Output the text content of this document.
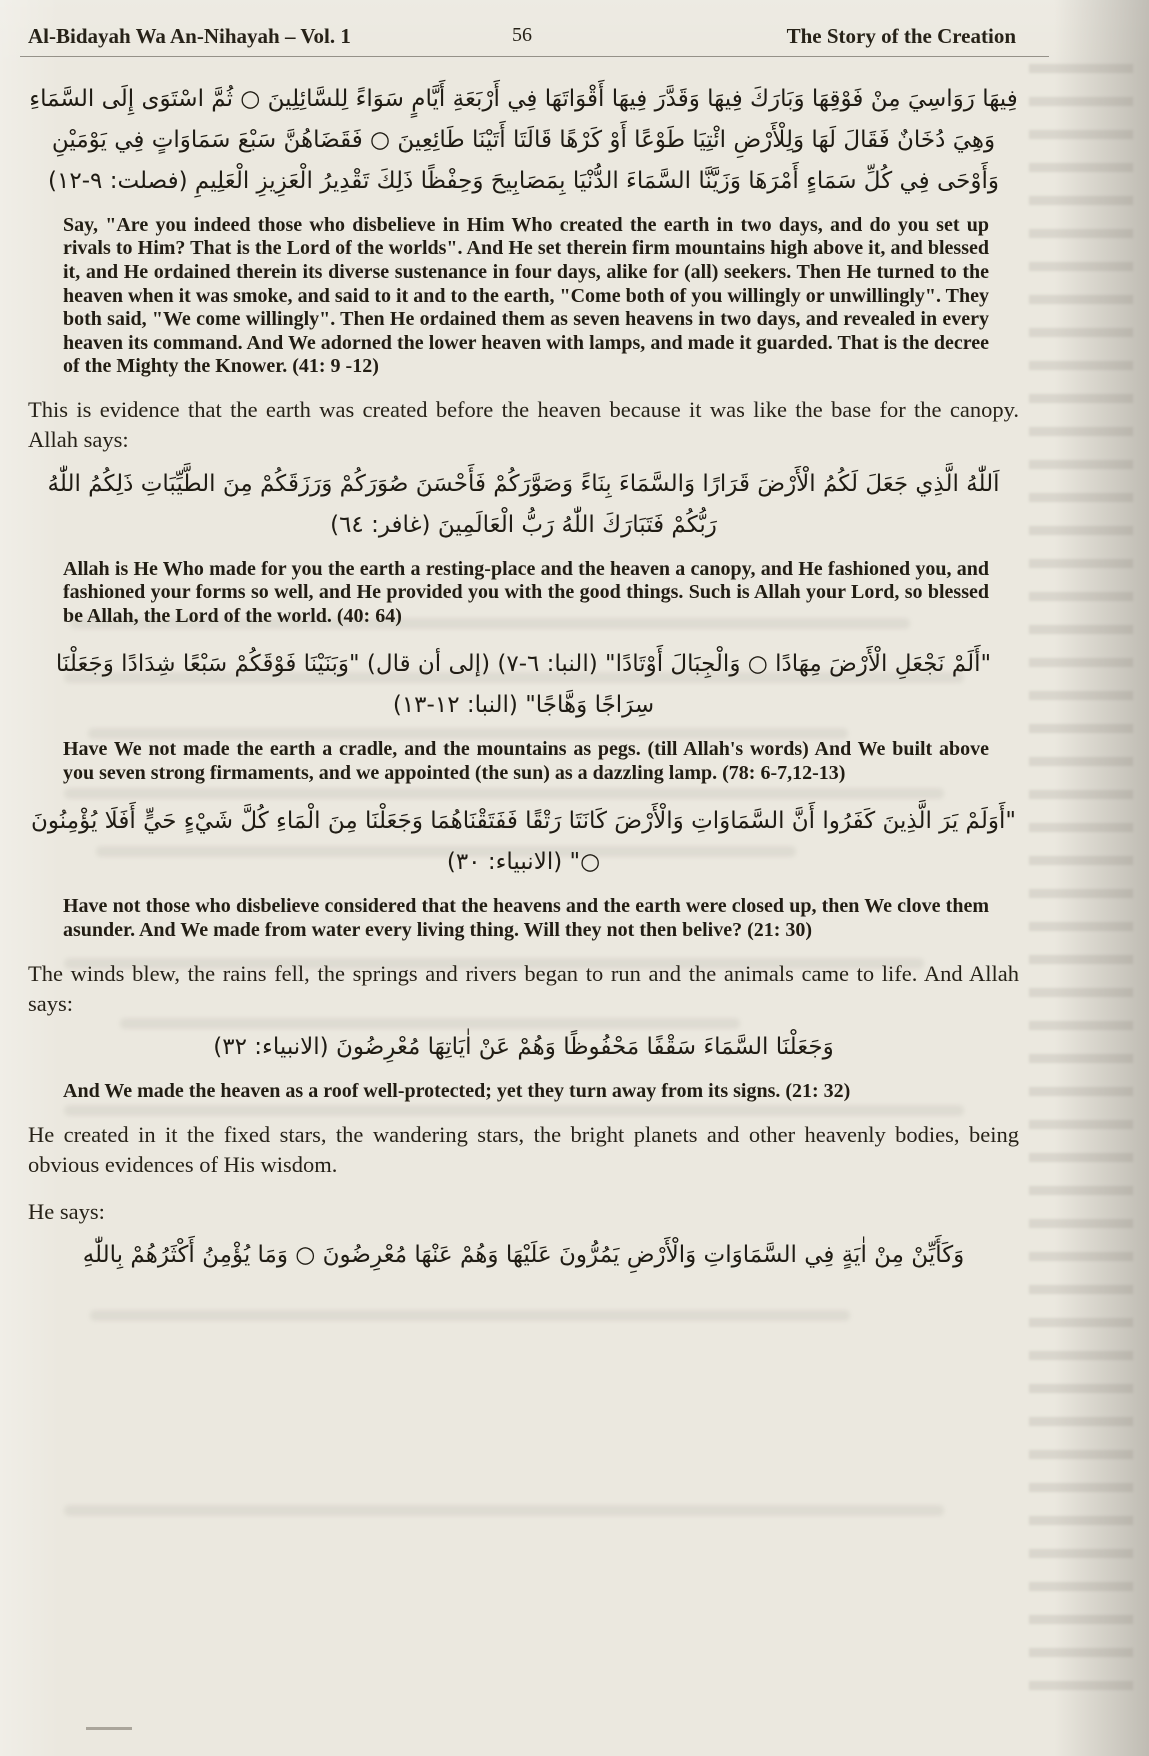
Al-Bidayah Wa An-Nihayah – Vol. 1	56	The Story of the Creation

فِيهَا رَوَاسِيَ مِنْ فَوْقِهَا وَبَارَكَ فِيهَا وَقَدَّرَ فِيهَا أَقْوَاتَهَا فِي أَرْبَعَةِ أَيَّامٍ سَوَاءً لِلسَّائِلِينَ ○ ثُمَّ اسْتَوَى إِلَى السَّمَاءِ وَهِيَ دُخَانٌ فَقَالَ لَهَا وَلِلْأَرْضِ ائْتِيَا طَوْعًا أَوْ كَرْهًا قَالَتَا أَتَيْنَا طَائِعِينَ ○ فَقَضَاهُنَّ سَبْعَ سَمَاوَاتٍ فِي يَوْمَيْنِ وَأَوْحَى فِي كُلِّ سَمَاءٍ أَمْرَهَا وَزَيَّنَّا السَّمَاءَ الدُّنْيَا بِمَصَابِيحَ وَحِفْظًا ذَلِكَ تَقْدِيرُ الْعَزِيزِ الْعَلِيمِ (فصلت: ٩-١٢)

Say, "Are you indeed those who disbelieve in Him Who created the earth in two days, and do you set up rivals to Him? That is the Lord of the worlds". And He set therein firm mountains high above it, and blessed it, and He ordained therein its diverse sustenance in four days, alike for (all) seekers. Then He turned to the heaven when it was smoke, and said to it and to the earth, "Come both of you willingly or unwillingly". They both said, "We come willingly". Then He ordained them as seven heavens in two days, and revealed in every heaven its command. And We adorned the lower heaven with lamps, and made it guarded. That is the decree of the Mighty the Knower. (41: 9 -12)

This is evidence that the earth was created before the heaven because it was like the base for the canopy. Allah says:

اَللّٰهُ الَّذِي جَعَلَ لَكُمُ الْأَرْضَ قَرَارًا وَالسَّمَاءَ بِنَاءً وَصَوَّرَكُمْ فَأَحْسَنَ صُوَرَكُمْ وَرَزَقَكُمْ مِنَ الطَّيِّبَاتِ ذَلِكُمُ اللّٰهُ رَبُّكُمْ فَتَبَارَكَ اللّٰهُ رَبُّ الْعَالَمِينَ (غافر: ٦٤)

Allah is He Who made for you the earth a resting-place and the heaven a canopy, and He fashioned you, and fashioned your forms so well, and He provided you with the good things. Such is Allah your Lord, so blessed be Allah, the Lord of the world. (40: 64)

"أَلَمْ نَجْعَلِ الْأَرْضَ مِهَادًا ○ وَالْجِبَالَ أَوْتَادًا" (النبا: ٦-٧) (إلى أن قال) "وَبَنَيْنَا فَوْقَكُمْ سَبْعًا شِدَادًا وَجَعَلْنَا سِرَاجًا وَهَّاجًا" (النبا: ١٢-١٣)

Have We not made the earth a cradle, and the mountains as pegs. (till Allah's words) And We built above you seven strong firmaments, and we appointed (the sun) as a dazzling lamp. (78: 6-7,12-13)

"أَوَلَمْ يَرَ الَّذِينَ كَفَرُوا أَنَّ السَّمَاوَاتِ وَالْأَرْضَ كَانَتَا رَتْقًا فَفَتَقْنَاهُمَا وَجَعَلْنَا مِنَ الْمَاءِ كُلَّ شَيْءٍ حَيٍّ أَفَلَا يُؤْمِنُونَ ○" (الانبياء: ٣٠)

Have not those who disbelieve considered that the heavens and the earth were closed up, then We clove them asunder. And We made from water every living thing. Will they not then belive? (21: 30)

The winds blew, the rains fell, the springs and rivers began to run and the animals came to life. And Allah says:

وَجَعَلْنَا السَّمَاءَ سَقْفًا مَحْفُوظًا وَهُمْ عَنْ اٰيَاتِهَا مُعْرِضُونَ (الانبياء: ٣٢)

And We made the heaven as a roof well-protected; yet they turn away from its signs. (21: 32)

He created in it the fixed stars, the wandering stars, the bright planets and other heavenly bodies, being obvious evidences of His wisdom.

He says:

وَكَأَيِّنْ مِنْ اٰيَةٍ فِي السَّمَاوَاتِ وَالْأَرْضِ يَمُرُّونَ عَلَيْهَا وَهُمْ عَنْهَا مُعْرِضُونَ ○ وَمَا يُؤْمِنُ أَكْثَرُهُمْ بِاللّٰهِ
